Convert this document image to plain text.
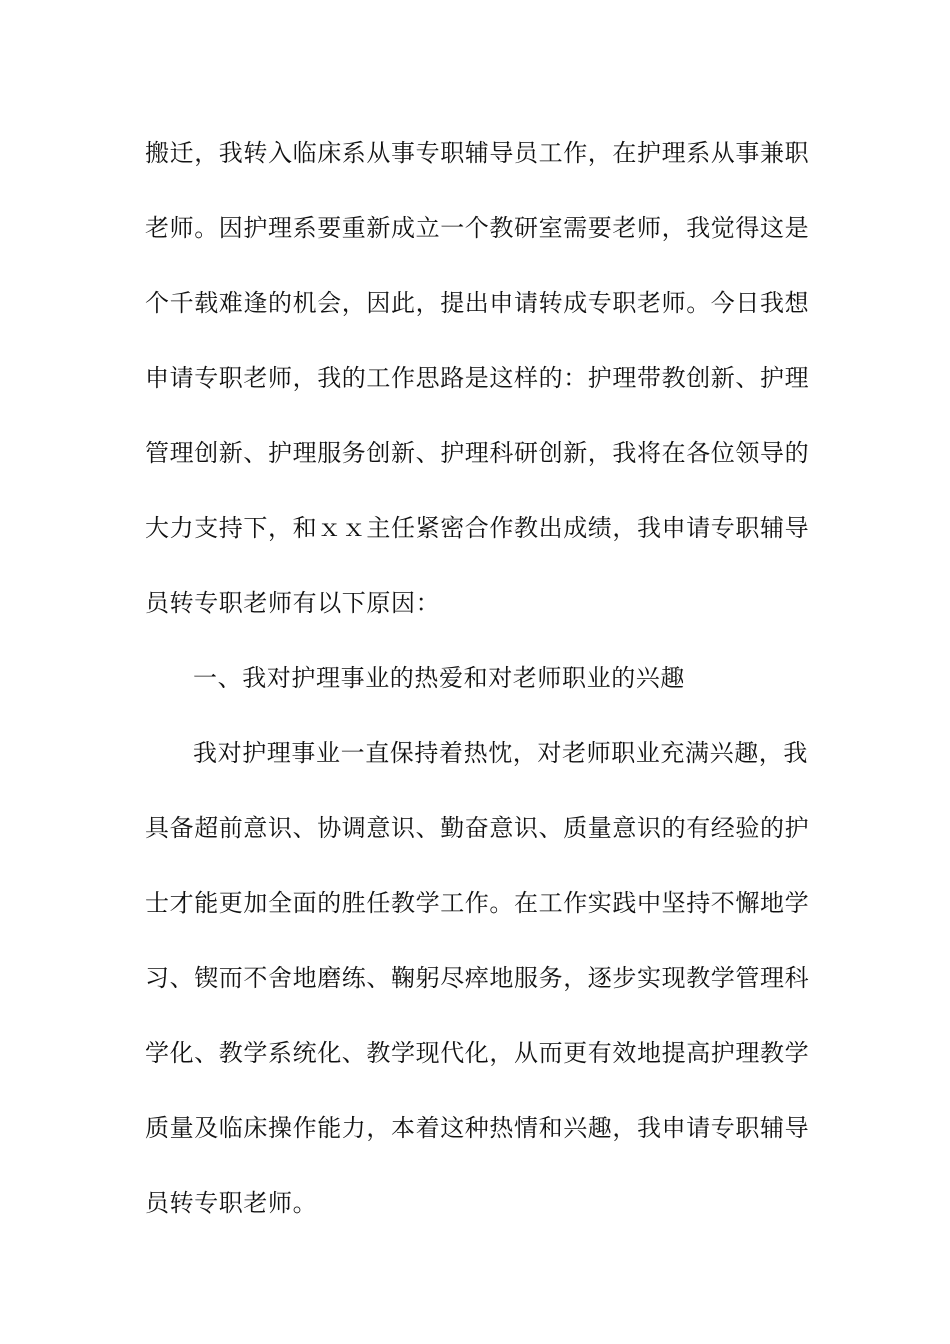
搬迁，我转入临床系从事专职辅导员工作，在护理系从事兼职
老师。因护理系要重新成立一个教研室需要老师，我觉得这是
个千载难逢的机会，因此，提出申请转成专职老师。今日我想
申请专职老师，我的工作思路是这样的：护理带教创新、护理
管理创新、护理服务创新、护理科研创新，我将在各位领导的
大力支持下，和ｘｘ主任紧密合作教出成绩，我申请专职辅导
员转专职老师有以下原因：
一、我对护理事业的热爱和对老师职业的兴趣
我对护理事业一直保持着热忱，对老师职业充满兴趣，我
具备超前意识、协调意识、勤奋意识、质量意识的有经验的护
士才能更加全面的胜任教学工作。在工作实践中坚持不懈地学
习、锲而不舍地磨练、鞠躬尽瘁地服务，逐步实现教学管理科
学化、教学系统化、教学现代化，从而更有效地提高护理教学
质量及临床操作能力，本着这种热情和兴趣，我申请专职辅导
员转专职老师。
